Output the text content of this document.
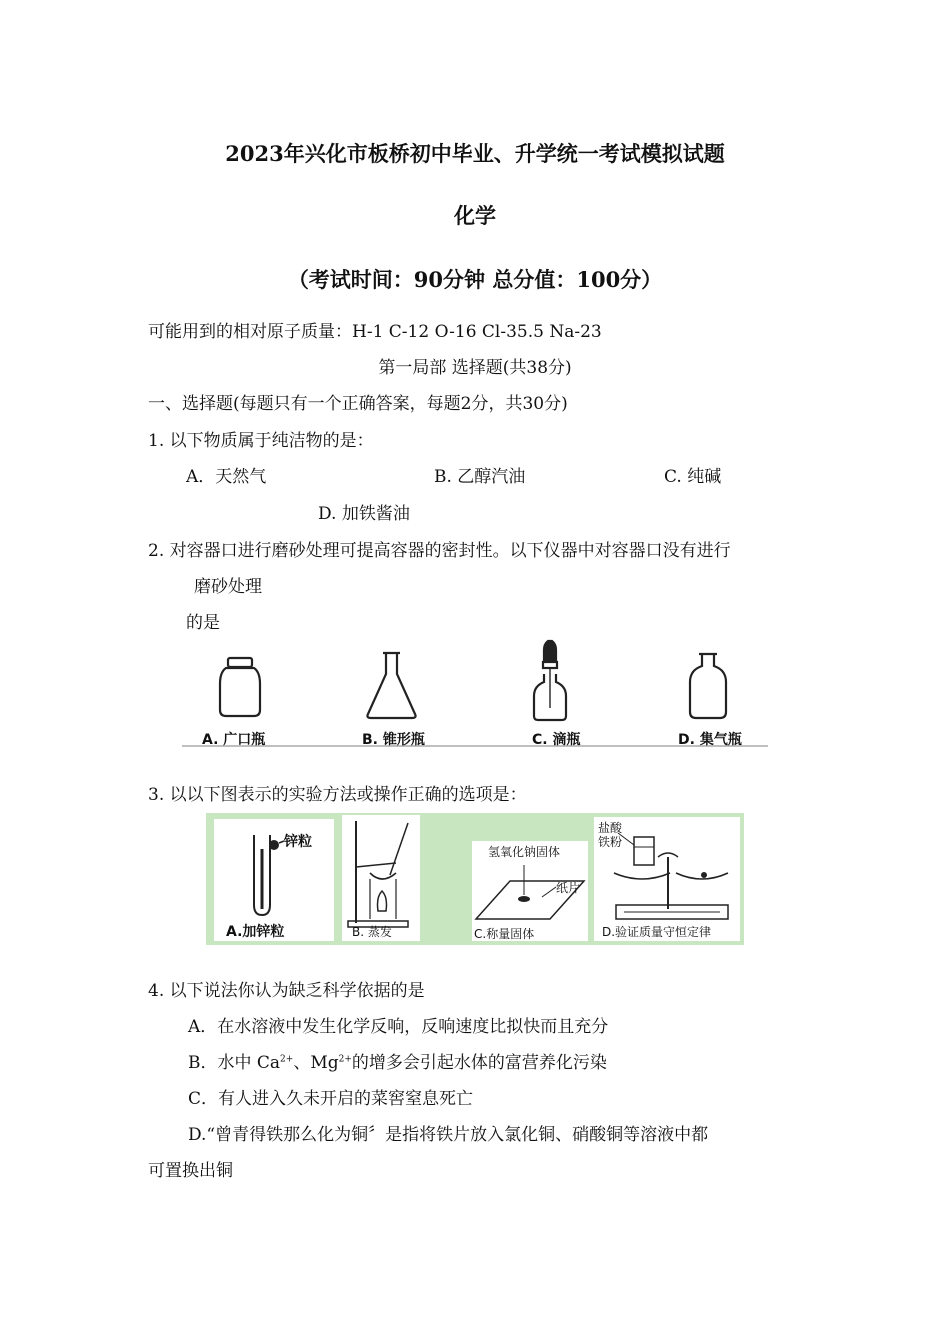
2023年兴化市板桥初中毕业、升学统一考试模拟试题
化学
（考试时间：90分钟 总分值：100分）
可能用到的相对原子质量：H-1 C-12 O-16 Cl-35.5 Na-23
第一局部 选择题(共38分)
一、选择题(每题只有一个正确答案，每题2分，共30分)
1. 以下物质属于纯洁物的是：
A．天然气	B. 乙醇汽油	C. 纯碱
D. 加铁酱油
2. 对容器口进行磨砂处理可提高容器的密封性。以下仪器中对容器口没有进行
磨砂处理
的是
A. 广口瓶	B. 锥形瓶	C. 滴瓶	D. 集气瓶
3. 以以下图表示的实验方法或操作正确的选项是：
锌粒
A.加锌粒	B. 蒸发
氢氧化钠固体
纸片
C.称量固体
盐酸
铁粉
D.验证质量守恒定律
4. 以下说法你认为缺乏科学依据的是
A．在水溶液中发生化学反响，反响速度比拟快而且充分
B．水中 $Ca^{2+}$、$Mg^{2+}$的增多会引起水体的富营养化污染
C．有人进入久未开启的菜窖窒息死亡
D.“曾青得铁那么化为铜〞是指将铁片放入氯化铜、硝酸铜等溶液中都
可置换出铜
